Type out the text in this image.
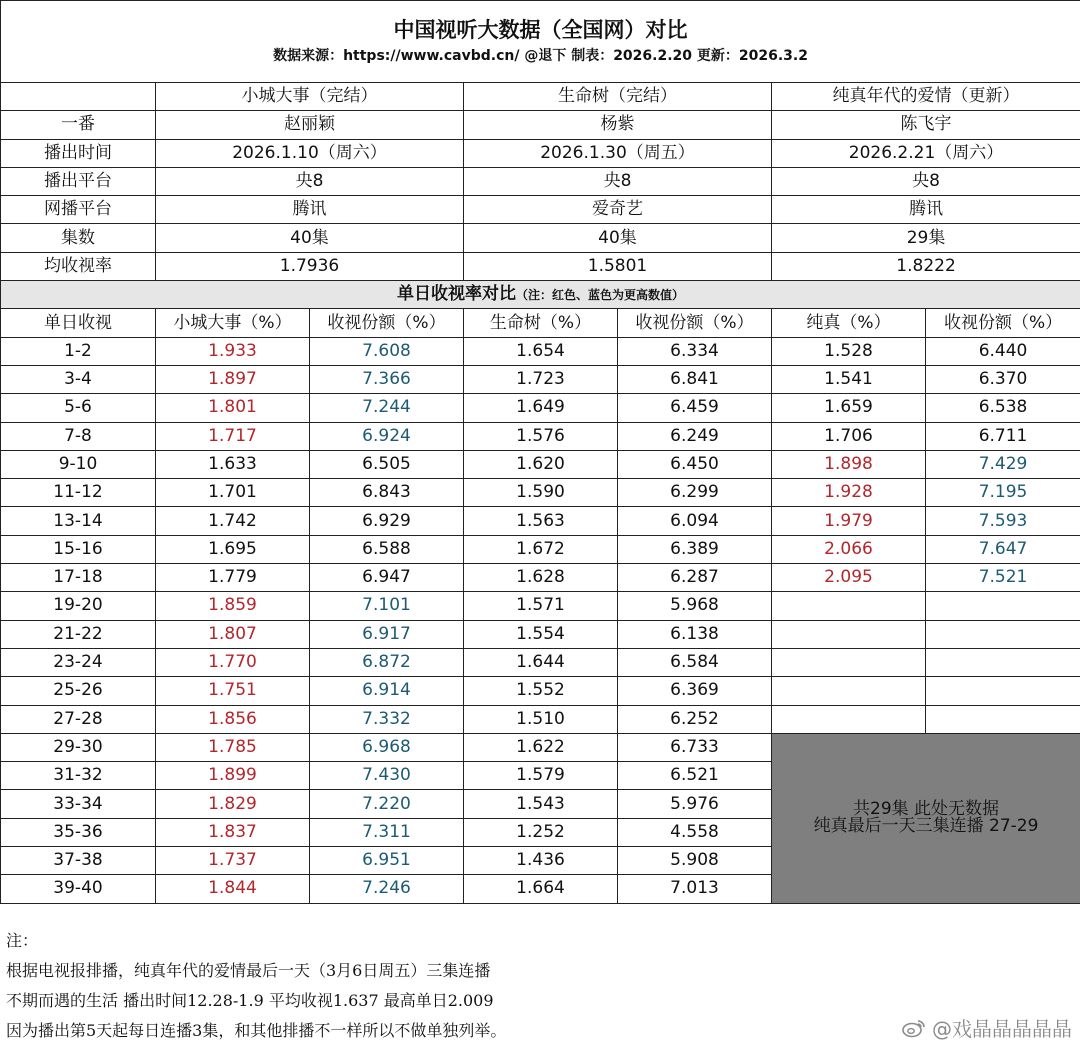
中国视听大数据（全国网）对比
数据来源：https://www.cavbd.cn/ @退下 制表：2026.2.20 更新：2026.3.2						

	小城大事（完结）		生命树（完结）		纯真年代的爱情（更新）	
一番	赵丽颖		杨紫		陈飞宇	
播出时间	2026.1.10（周六）		2026.1.30（周五）		2026.2.21（周六）	
播出平台	央8		央8		央8	
网播平台	腾讯		爱奇艺		腾讯	
集数	40集		40集		29集	
均收视率	1.7936		1.5801		1.8222	
单日收视率对比（注：红色、蓝色为更高数值）						
单日收视	小城大事（%）	收视份额（%）	生命树（%）	收视份额（%）	纯真（%）	收视份额（%）
1-2	1.933	7.608	1.654	6.334	1.528	6.440
3-4	1.897	7.366	1.723	6.841	1.541	6.370
5-6	1.801	7.244	1.649	6.459	1.659	6.538
7-8	1.717	6.924	1.576	6.249	1.706	6.711
9-10	1.633	6.505	1.620	6.450	1.898	7.429
11-12	1.701	6.843	1.590	6.299	1.928	7.195
13-14	1.742	6.929	1.563	6.094	1.979	7.593
15-16	1.695	6.588	1.672	6.389	2.066	7.647
17-18	1.779	6.947	1.628	6.287	2.095	7.521
19-20	1.859	7.101	1.571	5.968		
21-22	1.807	6.917	1.554	6.138		
23-24	1.770	6.872	1.644	6.584		
25-26	1.751	6.914	1.552	6.369		
27-28	1.856	7.332	1.510	6.252		
29-30	1.785	6.968	1.622	6.733	共29集 此处无数据
纯真最后一天三集连播 27-29	

31-32	1.899	7.430	1.579	6.521		
33-34	1.829	7.220	1.543	5.976		
35-36	1.837	7.311	1.252	4.558		
37-38	1.737	6.951	1.436	5.908		
39-40	1.844	7.246	1.664	7.013		
注：
根据电视报排播，纯真年代的爱情最后一天（3月6日周五）三集连播
不期而遇的生活 播出时间12.28-1.9 平均收视1.637 最高单日2.009
因为播出第5天起每日连播3集，和其他排播不一样所以不做单独列举。	@戏晶晶晶晶晶
